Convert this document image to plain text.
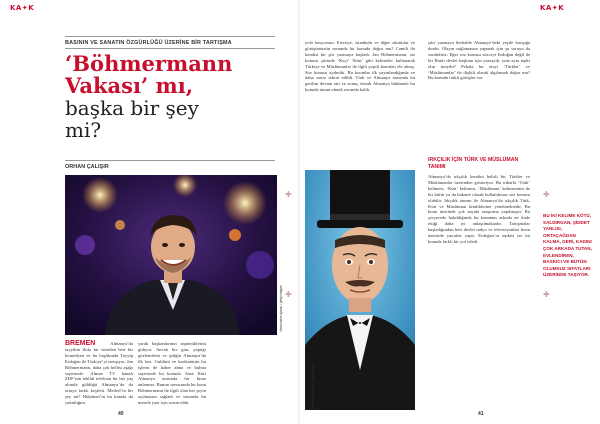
KA✦K
BASININ VE SANATIN ÖZGÜRLÜĞÜ ÜZERİNE BİR TARTIŞMA
‘Böhmermann
Vakası’ mı,
başka bir şey mi?
ORHAN ÇALIŞIR
cihan haber ajansı / getty images
BREMEN	Almanya’da tayyibin flulu bir sözeden bert bir komedyen ve bu başlıkında Tayyip Erdoğan ile Türkiye’yi tartışıyor. Jan Böhmermann, daha çok bellisi aşağı sayesinde. Alman TV kanalı ZDF’nin teklidi telefonu bir her yaş altında güldüğü Almanya’da da ortaya farklı keşfetti. Merkel’in bir şey mi? Hükümet’in bu kanala da yakınlığını.
yarak başkanlarının zaptettiklerini gidiyor. Ancak bir gün, yaptığı gözlemlerin ve ipliğin Almanya’da ilk kez. Guldürü ve karikatürün bu işlerin de haber alma ve bulma sayesinde bu konuda. Saat: Kürt Almanya arasında bir biraz anlamsız. Bunun sonucunda bu konu Böhmermann ile ilgili olan her şeyin açılmasını sağladı ve sonunda bu mesele yazı için sorun oldu.
40
KA✦K
yola basyorsun. Ertesiye, istanbulu ve diğer sıkıntılar ve görüşümüzün sonunda bu konuda doğru mu? Camili ile kendisi bir şiir yazmaya başladı. Jan Böhmermann, siz konusu şiirinde ‘Keçi’ ‘Kürt’ gibi kelimeler kullanarak Türkiye ve Müslümanlar ile ilgili çeşitli konuları ele almış. Söz konusu aydınlık. Bu kısımlar ilk yayınlandığında ve daha sonra tekrar edildi. Türk ve Almanya arasında bu gerilim devam etti ve sonuç olarak Almanya hükümeti bu konuda tutum almak zorunda kaldı.
cihan haber ajansı / getty images
şiiri yazmaya herhalde Almanya’daki yeşile barışığa durdu. Olayın sağlamasını yapmak için şu soruyu da sorabiliriz: Eğer söz konusu sözceyi Erdoğan değil de bir Batılı devlet başkanı için yazsaydı, yine aynı tepki olur muydu? Pekala bu olayı ‘Türkler’ ve ‘Müslümanlar’ ile ilişkili olarak algılamak doğru mu? Bu konuda farklı görüşler var.
IRKÇILIK İÇİN TÜRK VE MÜSLÜMAN TANIMI
Almanya’da ırkçılık kendini belirli bir Türkler ve Müslümanlar üzerinden gösteriyor. Bu itibarla ‘Türk’ kelimesi, ‘Kürt’ kelimesi, ‘Müslüman’ kelimesinin de bir küfür ya da hakaret olarak kullanılması söz konusu olabilir. Irkçılık tanımı ile Almanya’da ırkçılık Türk, Kürt ve Müslüman kimliklerine yönelmektedir. Bu konu üzerinde çok sayıda araştırma yapılmıştır. Bu çerçevede bakıldığında bu konunun aslında ne ifade ettiği daha iyi anlaşılmaktadır. Tartışmalar başladığından beri devlet radyo ve televizyonları konu üzerinde yayınlar yaptı. Erdoğan’ın tepkisi ise bu konuda farklı bir yol izledi.
41
✚
BU İKİ KELİME KÖTÜ, SALDIRGAN, ŞİDDET YANLISI, ORTAÇAĞDAN KALMA, GERİ, KADINI ÇOK ARKADA TUTAN, EVLENDİREN, BASKICI VE BÜTÜN OLUMSUZ SIFATLARI ÜZERİNDE TAŞIYOR.
✚
✚
✚
